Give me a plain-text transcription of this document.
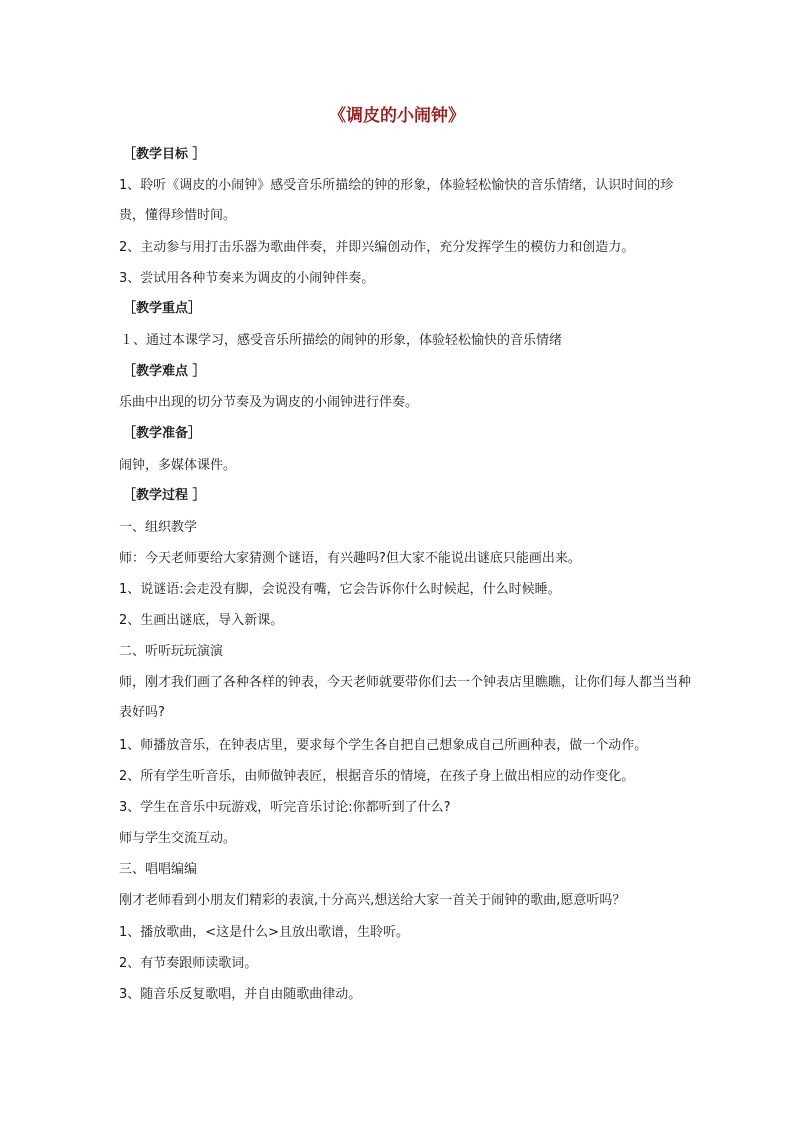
《调皮的小闹钟》
［教学目标 ］
1、聆听《调皮的小闹钟》感受音乐所描绘的钟的形象，体验轻松愉快的音乐情绪，认识时间的珍贵，懂得珍惜时间。
2、主动参与用打击乐器为歌曲伴奏，并即兴编创动作，充分发挥学生的模仿力和创造力。
3、尝试用各种节奏来为调皮的小闹钟伴奏。
［教学重点］
１、通过本课学习，感受音乐所描绘的闹钟的形象，体验轻松愉快的音乐情绪
［教学难点 ］
乐曲中出现的切分节奏及为调皮的小闹钟进行伴奏。
［教学准备］
闹钟，多媒体课件。
［教学过程 ］
一、组织教学
师：今天老师要给大家猜测个谜语，有兴趣吗?但大家不能说出谜底只能画出来。
1、说谜语:会走没有脚，会说没有嘴，它会告诉你什么时候起，什么时候睡。
2、生画出谜底，导入新课。
二、听听玩玩演演
师，刚才我们画了各种各样的钟表，今天老师就要带你们去一个钟表店里瞧瞧，让你们每人都当当种表好吗?
1、师播放音乐，在钟表店里，要求每个学生各自把自己想象成自己所画种表，做一个动作。
2、所有学生听音乐，由师做钟表匠，根据音乐的情境，在孩子身上做出相应的动作变化。
3、学生在音乐中玩游戏，听完音乐讨论:你都听到了什么?
师与学生交流互动。
三、唱唱编编
刚才老师看到小朋友们精彩的表演,十分高兴,想送给大家一首关于闹钟的歌曲,愿意听吗？
1、播放歌曲，<这是什么>且放出歌谱，生聆听。
2、有节奏跟师读歌词。
3、随音乐反复歌唱，并自由随歌曲律动。
